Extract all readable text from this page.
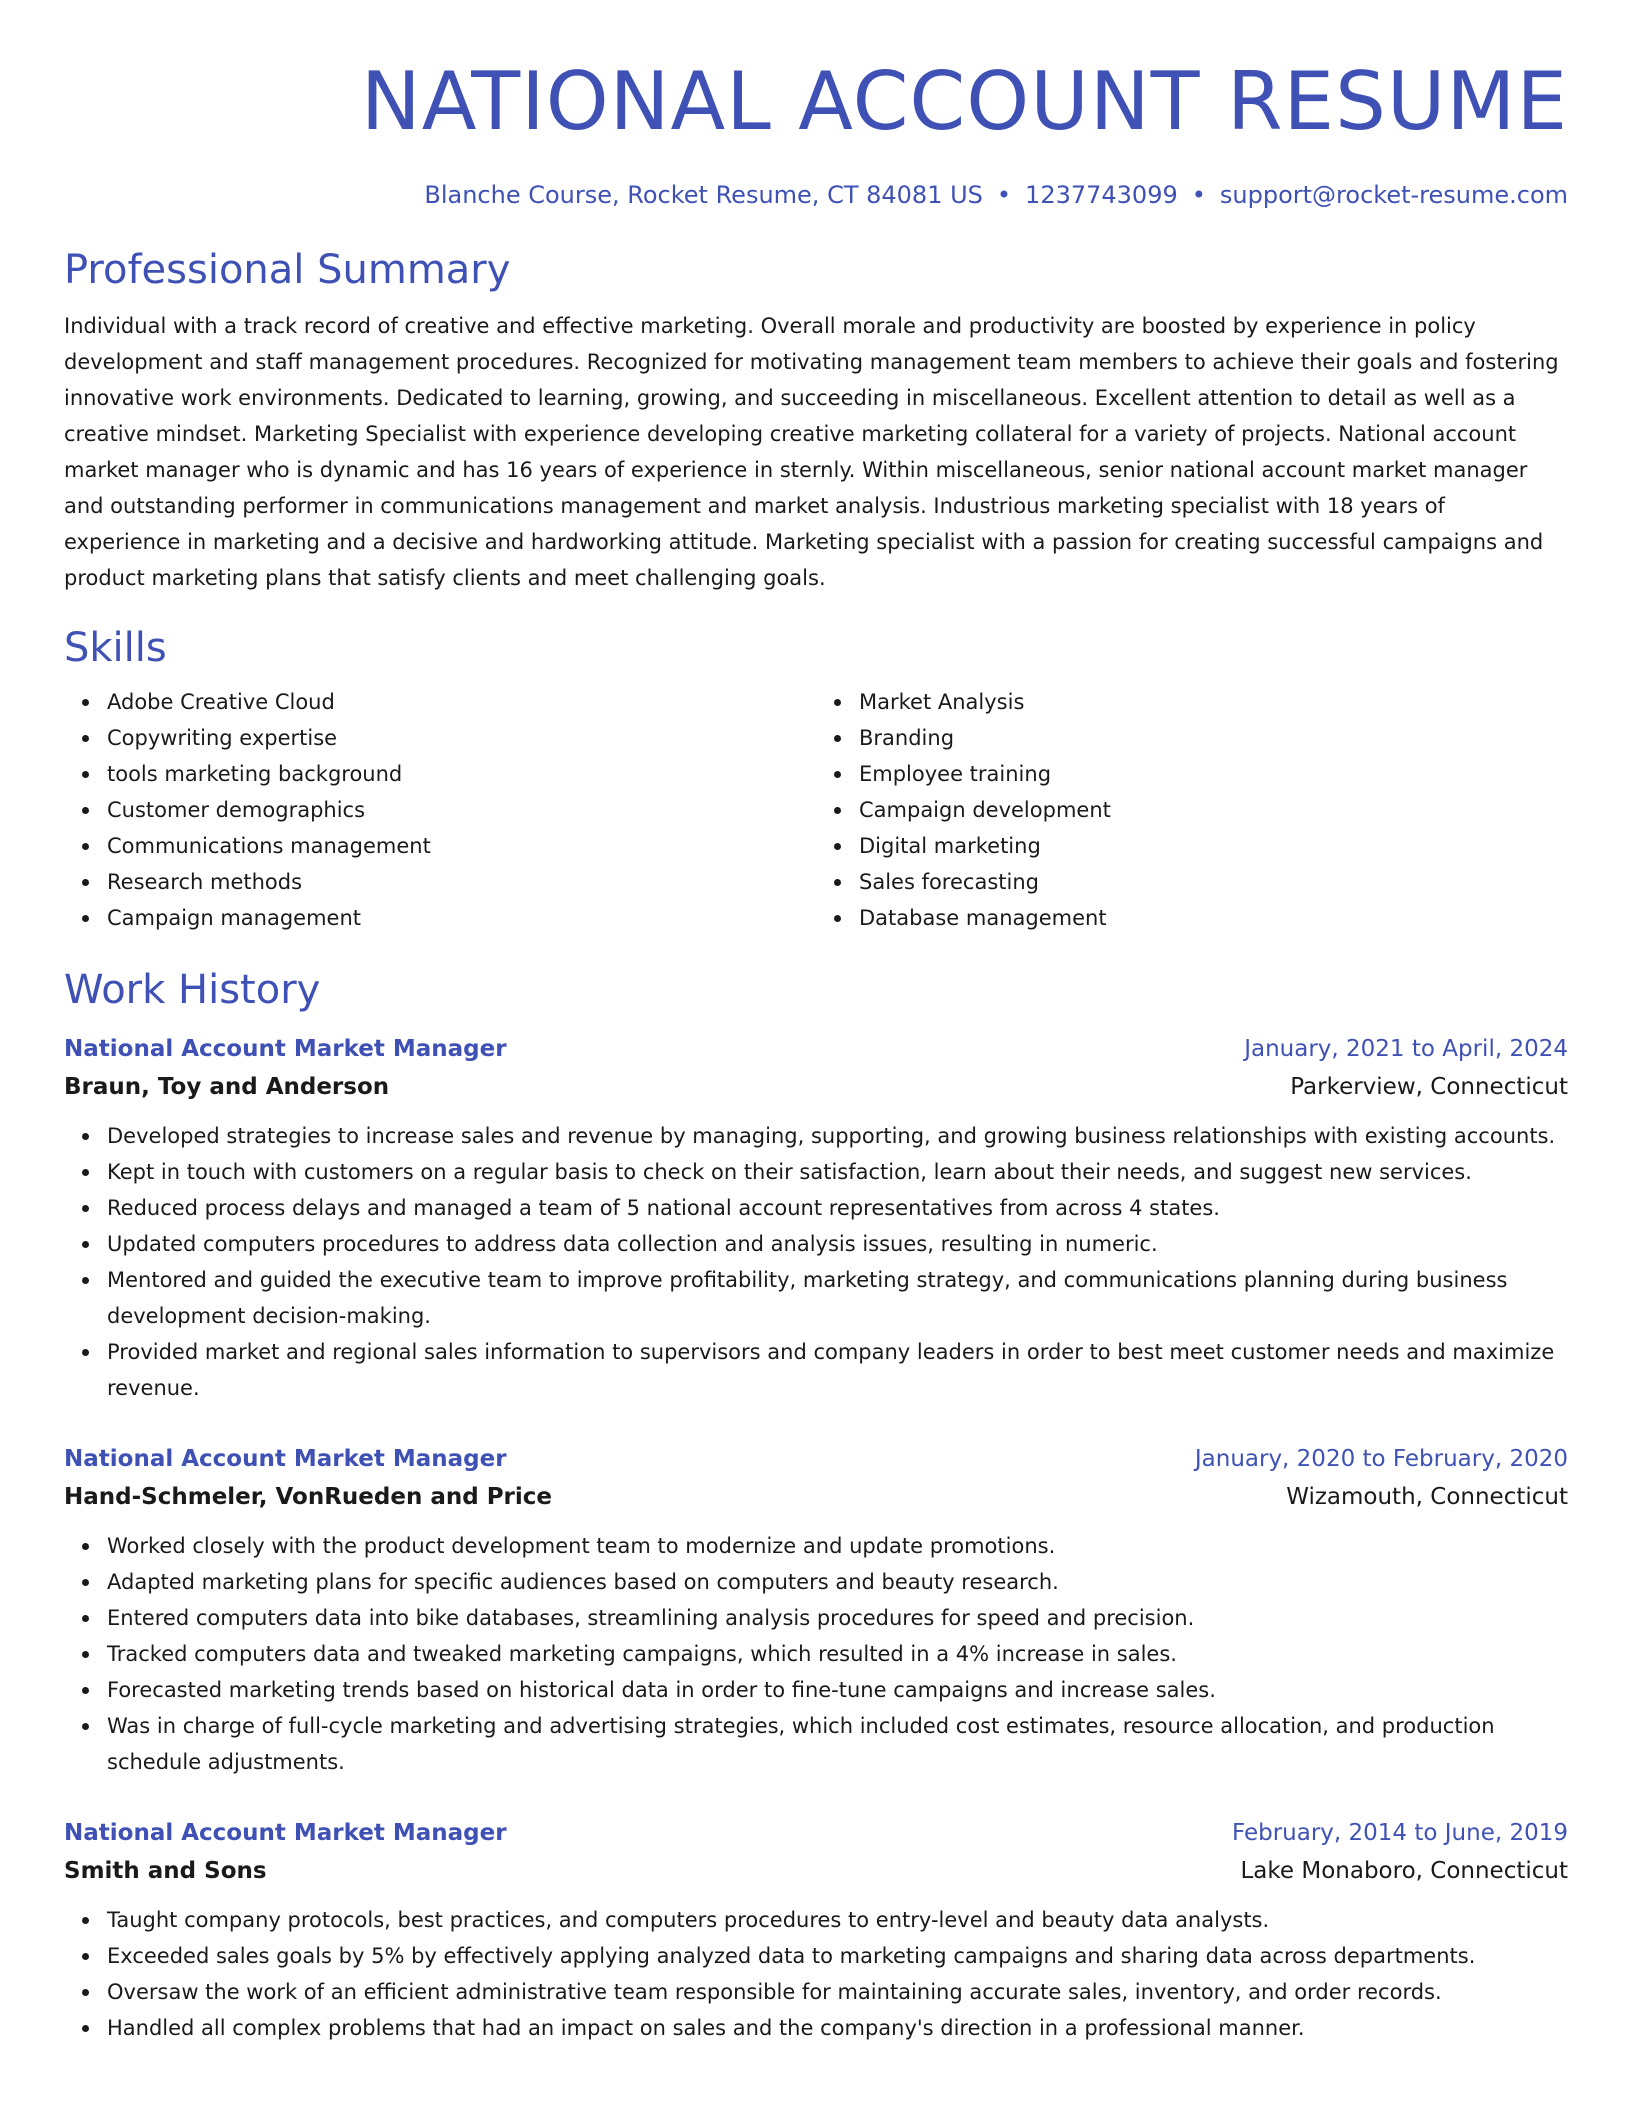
NATIONAL ACCOUNT RESUME
Blanche Course, Rocket Resume, CT 84081 US • 1237743099 • support@rocket-resume.com
Professional Summary

Individual with a track record of creative and effective marketing. Overall morale and productivity are boosted by experience in policy development and staff management procedures. Recognized for motivating management team members to achieve their goals and fostering innovative work environments. Dedicated to learning, growing, and succeeding in miscellaneous. Excellent attention to detail as well as a creative mindset. Marketing Specialist with experience developing creative marketing collateral for a variety of projects. National account market manager who is dynamic and has 16 years of experience in sternly. Within miscellaneous, senior national account market manager and outstanding performer in communications management and market analysis. Industrious marketing specialist with 18 years of experience in marketing and a decisive and hardworking attitude. Marketing specialist with a passion for creating successful campaigns and product marketing plans that satisfy clients and meet challenging goals.

Skills
Adobe Creative Cloud
Copywriting expertise
tools marketing background
Customer demographics
Communications management
Research methods
Campaign management
Market Analysis
Branding
Employee training
Campaign development
Digital marketing
Sales forecasting
Database management
Work History
National Account Market Manager	January, 2021 to April, 2024
Braun, Toy and Anderson	Parkerview, Connecticut
Developed strategies to increase sales and revenue by managing, supporting, and growing business relationships with existing accounts.
Kept in touch with customers on a regular basis to check on their satisfaction, learn about their needs, and suggest new services.
Reduced process delays and managed a team of 5 national account representatives from across 4 states.
Updated computers procedures to address data collection and analysis issues, resulting in numeric.
Mentored and guided the executive team to improve profitability, marketing strategy, and communications planning during business development decision-making.
Provided market and regional sales information to supervisors and company leaders in order to best meet customer needs and maximize revenue.
National Account Market Manager	January, 2020 to February, 2020
Hand-Schmeler, VonRueden and Price	Wizamouth, Connecticut
Worked closely with the product development team to modernize and update promotions.
Adapted marketing plans for specific audiences based on computers and beauty research.
Entered computers data into bike databases, streamlining analysis procedures for speed and precision.
Tracked computers data and tweaked marketing campaigns, which resulted in a 4% increase in sales.
Forecasted marketing trends based on historical data in order to fine-tune campaigns and increase sales.
Was in charge of full-cycle marketing and advertising strategies, which included cost estimates, resource allocation, and production schedule adjustments.
National Account Market Manager	February, 2014 to June, 2019
Smith and Sons	Lake Monaboro, Connecticut
Taught company protocols, best practices, and computers procedures to entry-level and beauty data analysts.
Exceeded sales goals by 5% by effectively applying analyzed data to marketing campaigns and sharing data across departments.
Oversaw the work of an efficient administrative team responsible for maintaining accurate sales, inventory, and order records.
Handled all complex problems that had an impact on sales and the company's direction in a professional manner.
